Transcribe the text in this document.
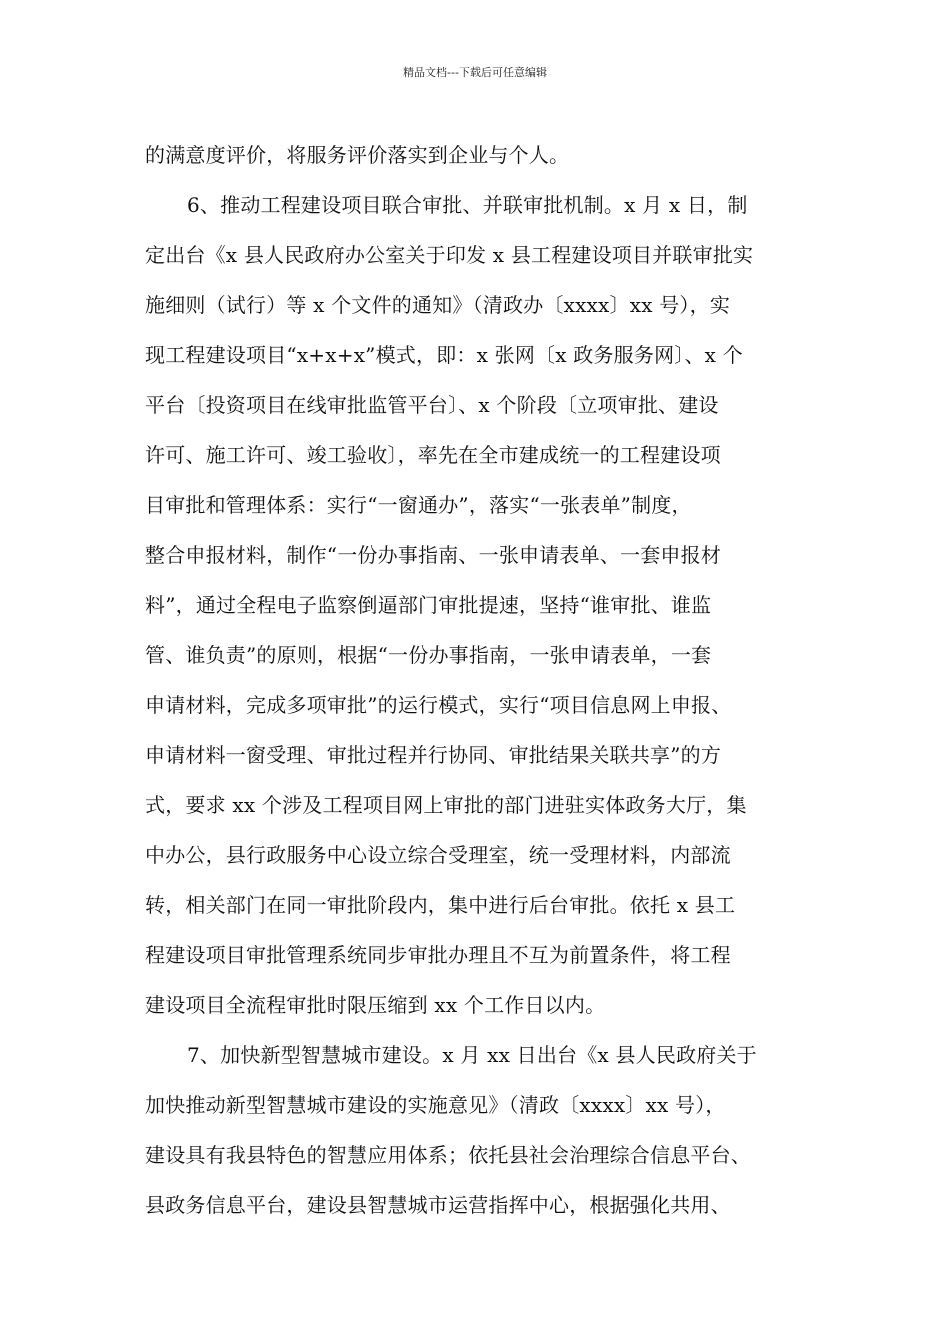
精品文档---下载后可任意编辑
的满意度评价，将服务评价落实到企业与个人。
6、推动工程建设项目联合审批、并联审批机制。x 月 x 日，制
定出台《x 县人民政府办公室关于印发 x 县工程建设项目并联审批实
施细则（试行）等 x 个文件的通知》（清政办〔xxxx〕xx 号），实
现工程建设项目“x+x+x”模式，即：x 张网〔x 政务服务网〕、x 个
平台〔投资项目在线审批监管平台〕、x 个阶段〔立项审批、建设
许可、施工许可、竣工验收〕，率先在全市建成统一的工程建设项
目审批和管理体系：实行“一窗通办”，落实“一张表单”制度，
整合申报材料，制作“一份办事指南、一张申请表单、一套申报材
料”，通过全程电子监察倒逼部门审批提速，坚持“谁审批、谁监
管、谁负责”的原则，根据“一份办事指南，一张申请表单，一套
申请材料，完成多项审批”的运行模式，实行“项目信息网上申报、
申请材料一窗受理、审批过程并行协同、审批结果关联共享”的方
式，要求 xx 个涉及工程项目网上审批的部门进驻实体政务大厅，集
中办公，县行政服务中心设立综合受理室，统一受理材料，内部流
转，相关部门在同一审批阶段内，集中进行后台审批。依托 x 县工
程建设项目审批管理系统同步审批办理且不互为前置条件，将工程
建设项目全流程审批时限压缩到 xx 个工作日以内。
7、加快新型智慧城市建设。x 月 xx 日出台《x 县人民政府关于
加快推动新型智慧城市建设的实施意见》（清政〔xxxx〕xx 号），
建设具有我县特色的智慧应用体系；依托县社会治理综合信息平台、
县政务信息平台，建设县智慧城市运营指挥中心，根据强化共用、
